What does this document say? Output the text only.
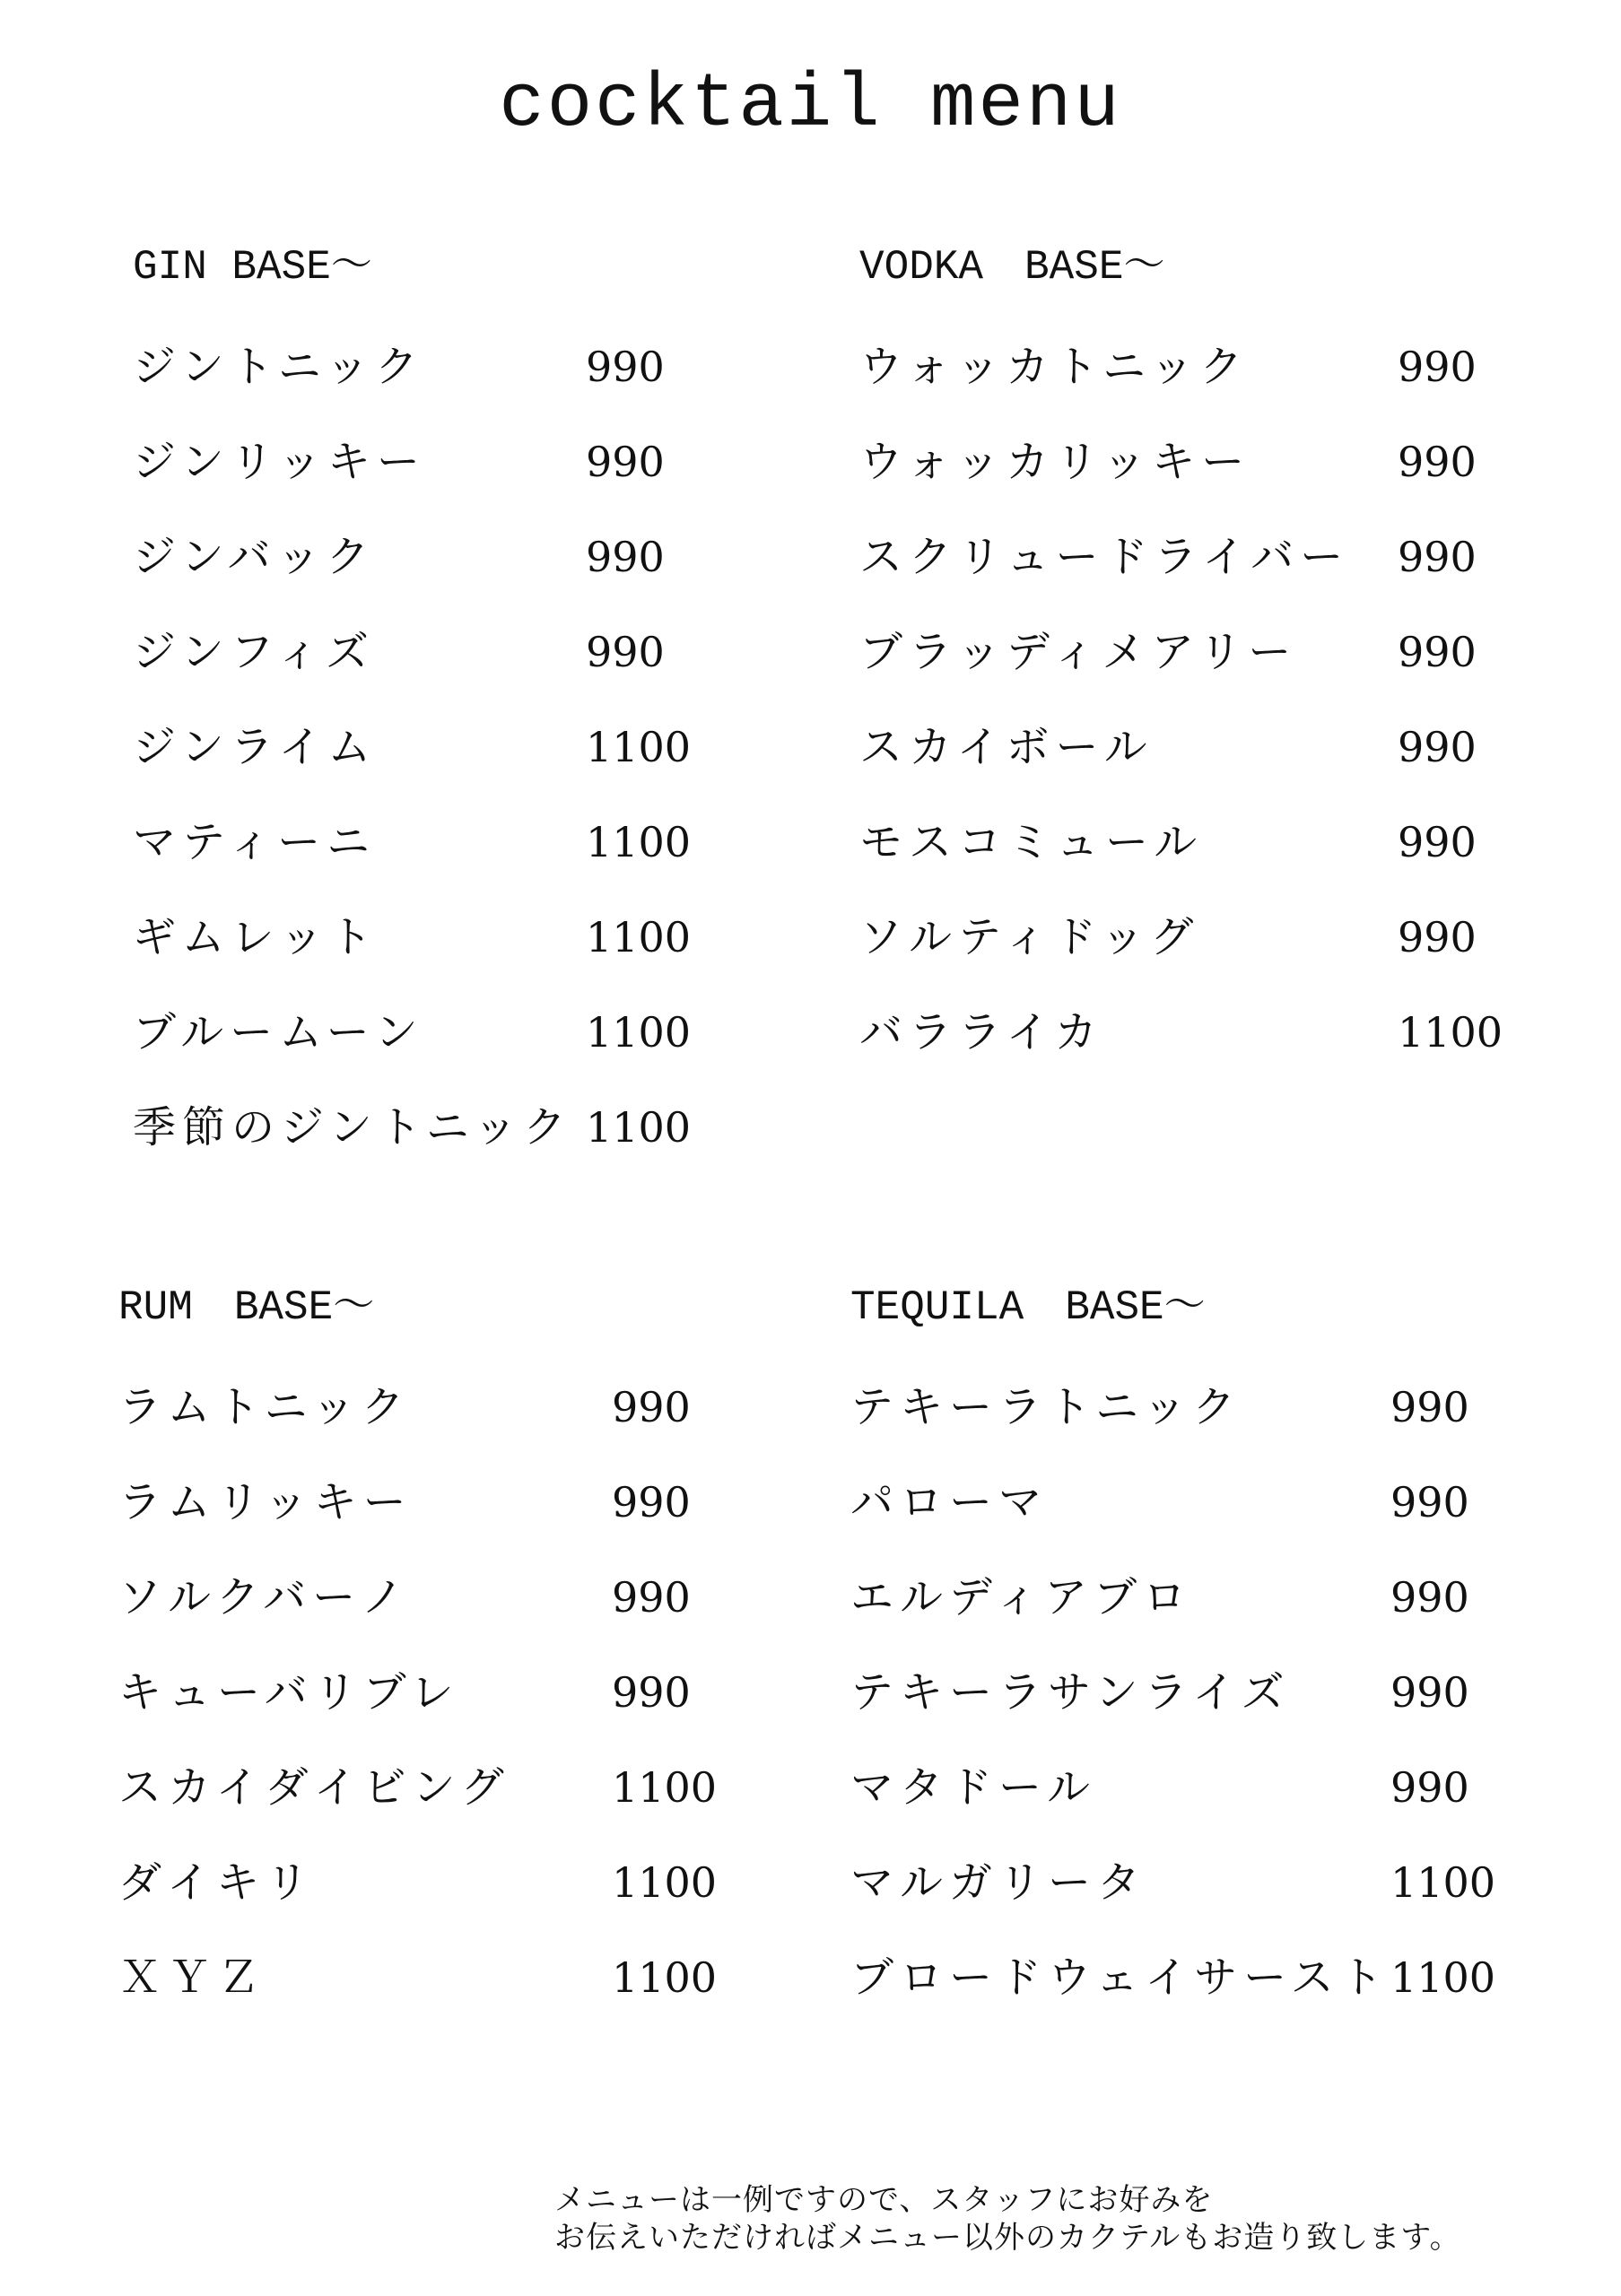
cocktail menu
GIN BASE〜
ジントニック	990
ジンリッキー	990
ジンバック	990
ジンフィズ	990
ジンライム	1100
マティーニ	1100
ギムレット	1100
ブルームーン	1100
季節のジントニック 1100
VODKA　BASE〜
ウォッカトニック	990
ウォッカリッキー	990
スクリュードライバー 990
ブラッディメアリー 990
スカイボール	990
モスコミュール	990
ソルティドッグ	990
バラライカ	1100
RUM　BASE〜
ラムトニック	990
ラムリッキー	990
ソルクバーノ	990
キューバリブレ	990
スカイダイビング 1100
ダイキリ	1100
ＸＹＺ	1100
TEQUILA　BASE〜
テキーラトニック	990
パローマ	990
エルディアブロ	990
テキーラサンライズ 990
マタドール	990
マルガリータ	1100
ブロードウェイサースト 1100
メニューは一例ですので、スタッフにお好みを
お伝えいただければメニュー以外のカクテルもお造り致します。
